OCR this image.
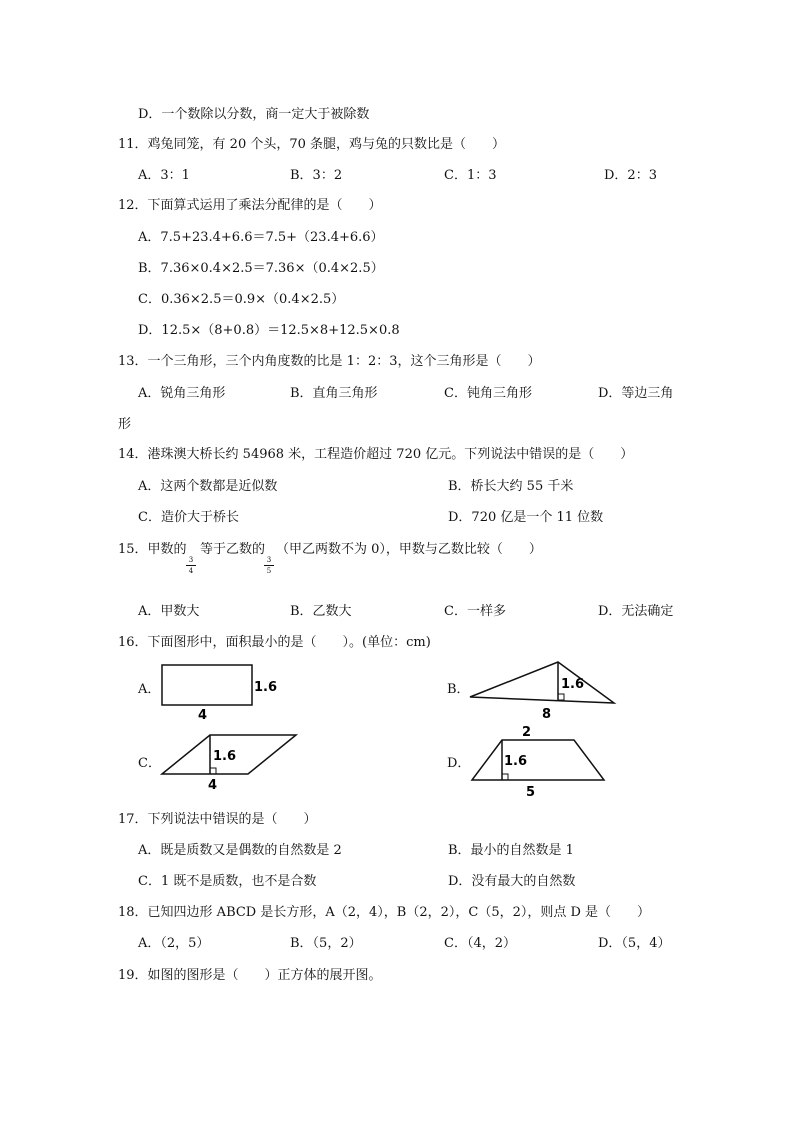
D．一个数除以分数，商一定大于被除数
11．鸡兔同笼，有 20 个头，70 条腿，鸡与兔的只数比是（　　）
A．3：1	B．3：2	C．1：3	D．2：3
12．下面算式运用了乘法分配律的是（　　）
A．7.5+23.4+6.6＝7.5+（23.4+6.6）
B．7.36×0.4×2.5＝7.36×（0.4×2.5）
C．0.36×2.5＝0.9×（0.4×2.5）
D．12.5×（8+0.8）＝12.5×8+12.5×0.8
13．一个三角形，三个内角度数的比是 1：2：3，这个三角形是（　　）
A．锐角三角形	B．直角三角形	C．钝角三角形	D．等边三角
形
14．港珠澳大桥长约 54968 米，工程造价超过 720 亿元。下列说法中错误的是（　　）
A．这两个数都是近似数	B．桥长大约 55 千米
C．造价大于桥长	D．720 亿是一个 11 位数
15．甲数的 等于乙数的 （甲乙两数不为 0），甲数与乙数比较（　　）
3
4
3
5
A．甲数大	B．乙数大	C．一样多	D．无法确定
16．下面图形中，面积最小的是（　　）。(单位：cm)
A．	1.6
4
B．	1.6
8
C．	1.6
4
D．
2
1.6
5
17．下列说法中错误的是（　　）
A．既是质数又是偶数的自然数是 2	B．最小的自然数是 1
C．1 既不是质数，也不是合数	D．没有最大的自然数
18．已知四边形 ABCD 是长方形，A（2，4），B（2，2），C（5，2），则点 D 是（　　）
A．（2，5）	B．（5，2）	C．（4，2）	D．（5，4）
19．如图的图形是（　　）正方体的展开图。
